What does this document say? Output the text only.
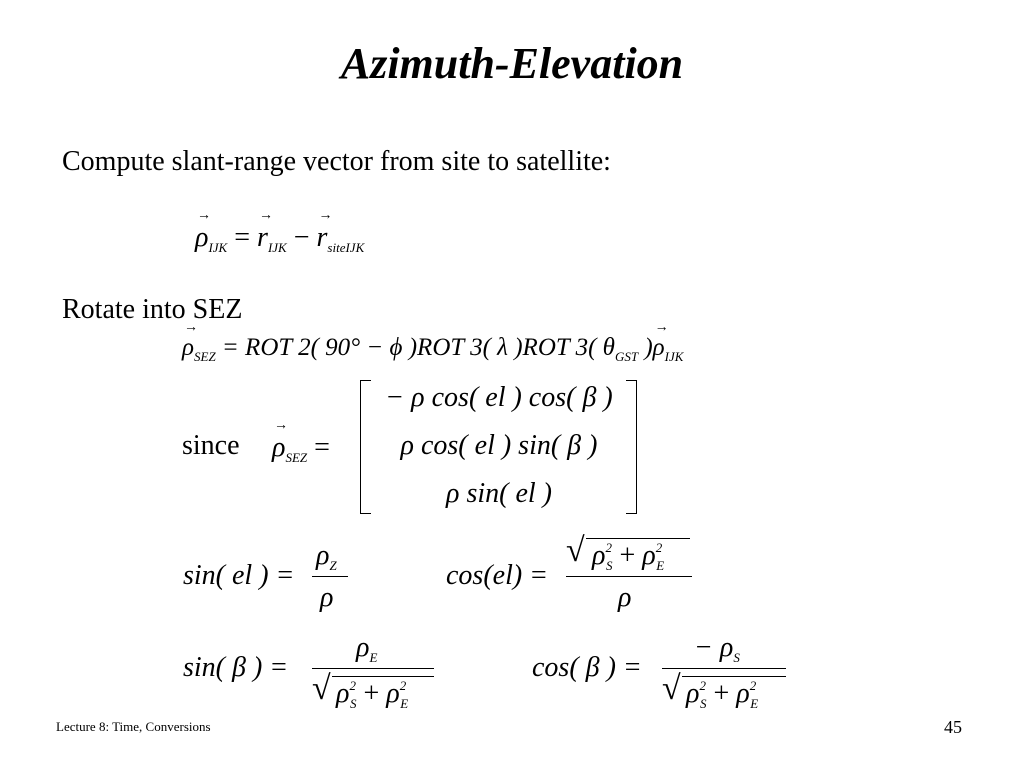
Azimuth-Elevation
Compute slant-range vector from site to satellite:
→ $\rho_{IJK}$ = → $r_{IJK}$ − → $r_{siteIJK}$
Rotate into SEZ
→ $\rho_{SEZ}$ = ROT 2( 90° − ϕ )ROT 3( λ )ROT 3( $\theta_{GST}$ )→ $\rho_{IJK}$
since → $\rho_{SEZ}$ =
− ρ cos( el ) cos( β )
ρ cos( el ) sin( β )
ρ sin( el )
sin( el ) =
$\rho_Z$
ρ
cos(el) =
√ $\rho^2_S + \rho^2_E$
ρ
sin( β ) =
$\rho_E$
√ $\rho^2_S + \rho^2_E$
cos( β ) =
− $\rho_S$
√ $\rho^2_S + \rho^2_E$
Lecture 8: Time, Conversions	45
